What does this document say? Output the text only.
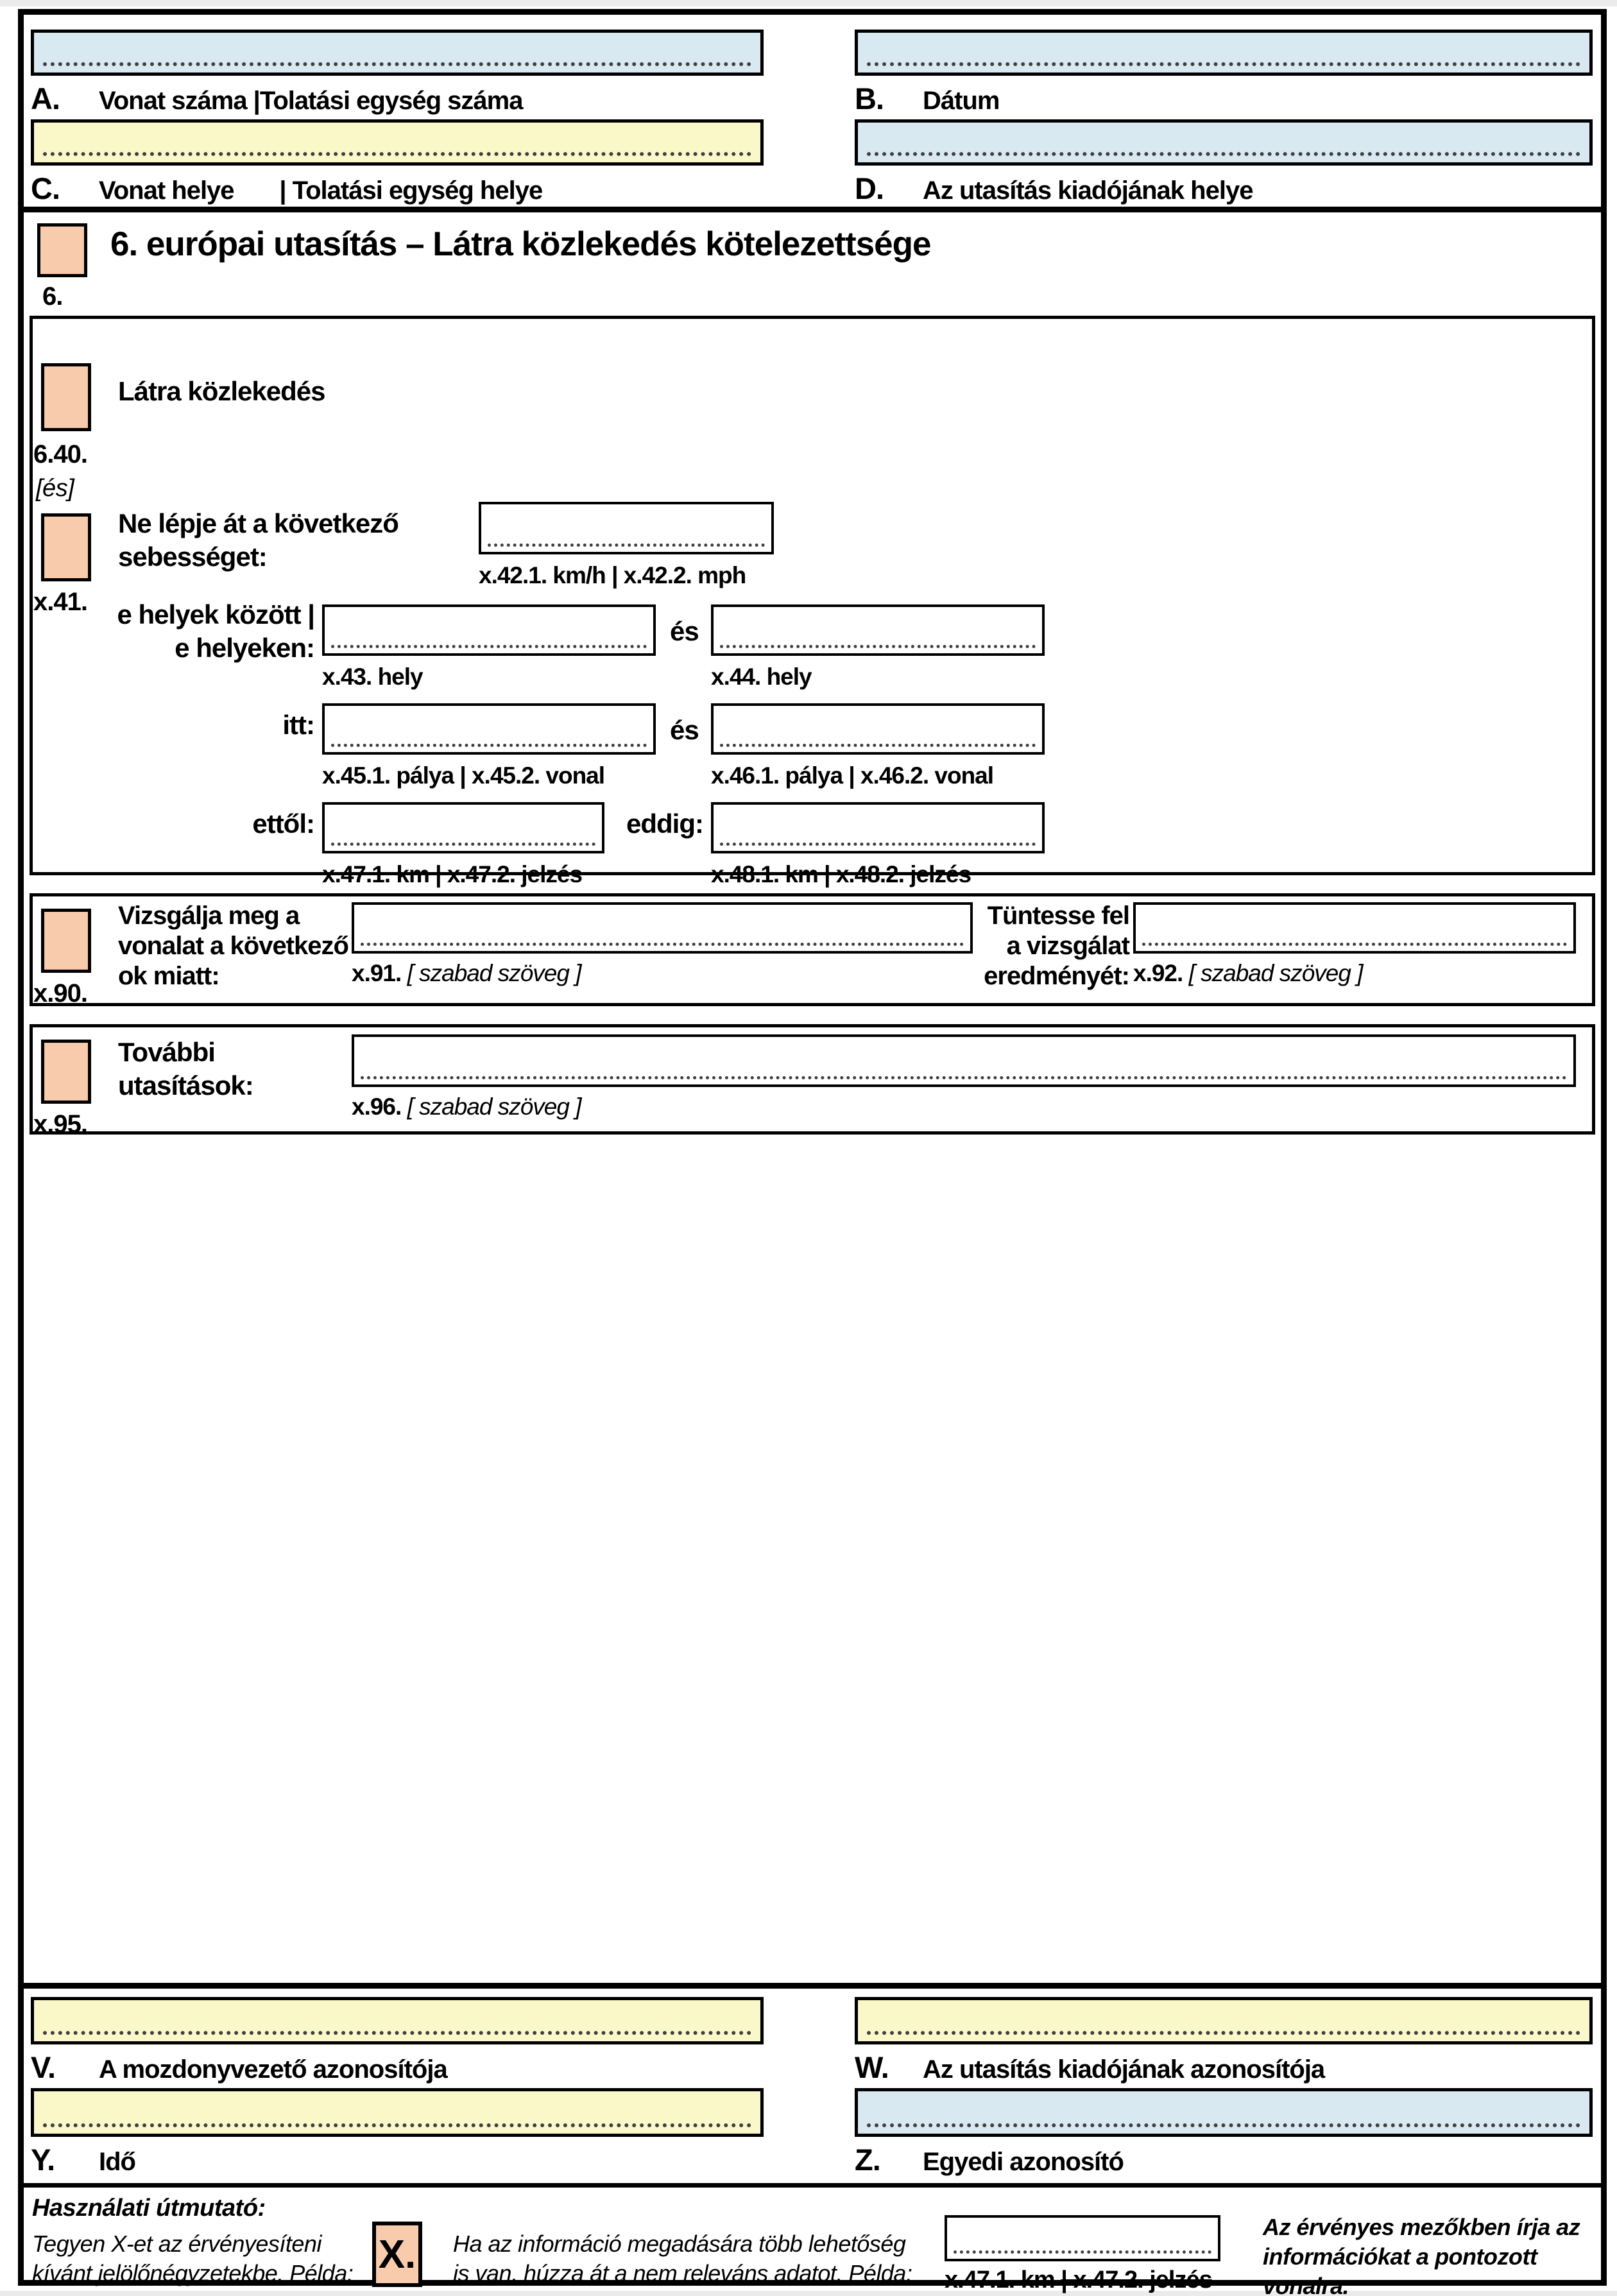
A. Vonat száma |Tolatási egység száma	B. Dátum
C. Vonat helye       | Tolatási egység helye	D. Az utasítás kiadójának helye
6.
6. európai utasítás – Látra közlekedés kötelezettsége
Látra közlekedés
6.40.
[és]
x.41.
Ne lépje át a következő
sebességet:
x.42.1. km/h | x.42.2. mph
e helyek között |
e helyeken:
x.43. hely
és
x.44. hely
itt:
x.45.1. pálya | x.45.2. vonal
és
x.46.1. pálya | x.46.2. vonal
ettől:
x.47.1. km | x.47.2. jelzés
eddig:
x.48.1. km | x.48.2. jelzés
x.90.
Vizsgálja meg a
vonalat a következő
ok miatt:	x.91. [ szabad szöveg ]
Tüntesse fel
a vizsgálat
eredményét: x.92. [ szabad szöveg ]
x.95.
További
utasítások:
x.96. [ szabad szöveg ]
V. A mozdonyvezető azonosítója	W. Az utasítás kiadójának azonosítója
Y. Idő	Z. Egyedi azonosító
Használati útmutató:
Tegyen X-et az érvényesíteni
kívánt jelölőnégyzetekbe. Példa: X. Ha az információ megadására több lehetőség
is van, húzza át a nem releváns adatot. Példa: x.47.1. km | x.47.2. jelzés
Az érvényes mezőkben írja az
információkat a pontozott
vonalra.
